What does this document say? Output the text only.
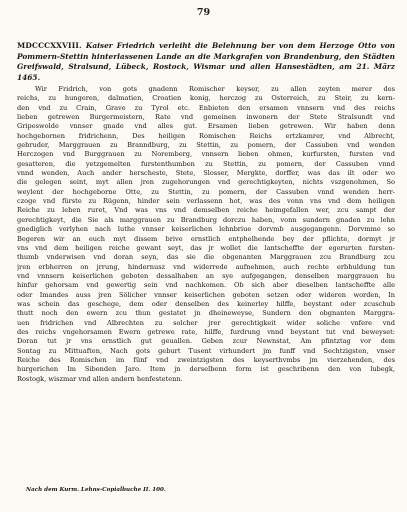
79
MDCCCXXVIII. Kaiser Friedrich verleiht die Belehnung ber von dem Herzoge Otto von Pommern-Stettin hinterlassenen Lande an die Markgrafen von Brandenburg, den Städten Greifswald, Stralsund, Lübeck, Rostock, Wismar und allen Hansestädten, am 21. März 1465.
Wir Fridrich, von gots gnadenn Romischer keyser, zu allen zeyten merer des
reichs, zu hungeren, dalmatien, Croatien konig, herczog zu Osterreich, zu Steir, zu kern-
den vnd zu Crain, Grave zu Tyrol etc. Enbieten den ersamen vnnsern vnd des reichs
lieben getrewen Burgermeistern, Rate vnd gemeinen inwonern der Stete Stralsundt vnd
Gripeswolde vnnser gnade vnd alles gut. Ersamen lieben getrewen. Wir haben denn
hochgebornen fridrichenn, Des heiligen Romischen Reichs ertzkamrer, vnd Albrecht,
gebruder, Marggrauen zu Branndburg, zu Stettin, zu pomern, der Cassuben vnd wenden
Herczogen vnd Burggrauen zu Noremberg, vnnsern lieben ohmen, kurfursten, fursten vnd
gesatteren, die yetzgemelten furstenthumben zu Stettin, zu pomern, der Cassuben vnnd
vnnd wenden, Auch ander herscheste, Stete, Slosser, Mergkte, dorffer, was das ilt oder wo
die gelegen seint, myt allen jren zugehorungen vnd gerechtigkeyten, nichts vszgenohmen, So
weylent der hochgeborne Otte, zu Stettin, zu pomern, der Cassuben vnnd wenden herr-
czoge vnd fürste zu Rügenn, hinder sein verlassenn hot, was des vonn vns vnd dem heiligen
Reiche zu lehen ruret, Vnd was vns vnd demselben reiche heimgefallen wer, zcu sampt der
gerechtigkeyt, die Sie als marggrauen zu Brandburg dorczu haben, vonn sundern gnaden zu lehn
gnediglich verlyhen nach luthe vnnser keiserlichen lehnbriue dorvmb ausgegangenn. Dorvmme so
Begeren wir an euch myt dissem brive ernstlich entphelhende bey der pflichte, dormyt jr
vns vnd dem heiligen reiche gewant seyt, das jr wollet die lantscheffte der egerurten fursten-
thumb vnderwisen vnd doran seyn, das sie die obgenanten Marggrauen zcu Brandburg zcu
jren erbherren on jrrung, hindernusz vnd widerrede aufnehmen, auch rechte erbhuldung tun
vnd vnnsern keiserlichen geboten dessalhaben an sye aufgegangen, denselben marggrauen hu
hinfur gehorsam vnd gewertig sein vnd nachkomen. Ob sich aber dieselben lantscheffte alle
oder Imandes auss jren Sölicher vnnser keiserlichen geboten setzen oder wideren worden, In
was schein das geschege, dem oder denselben des keinerley hilffe, beystant oder zcuschub
thutt noch den ewern zcu thun gestatet jn dheineweyse, Sundern den obgnanten Marggra-
uen fridrichen vnd Albrechten zu solcher jrer gerechtigkeit wider soliche vnfere vnd
des reichs vngehorsamen Ewern getrewe rate, hilffe, furdrung vnnd beystant tut vnd beweyset:
Doran tut jr vns ernstlich gut geuallen. Geben zcur Newnstat, Am pfintztag vor dem
Sontag zu Mittuaften, Nach gots geburt Tusent virhundert jm funff vnd Sechtzigsten, vnser
Reiche des Romischen im fünf vnd zweintzigsten des keyserthvmbs jm vierzehenden, des
hurgerichen Im Sibenden Jaro. Item jn derselbenn form ist geschribenn den von lubegk,
Rostogk, wiszmar vnd allen andern henfestetenn.
Nach dem Kurm. Lehns-Copialbuche II. 100.
